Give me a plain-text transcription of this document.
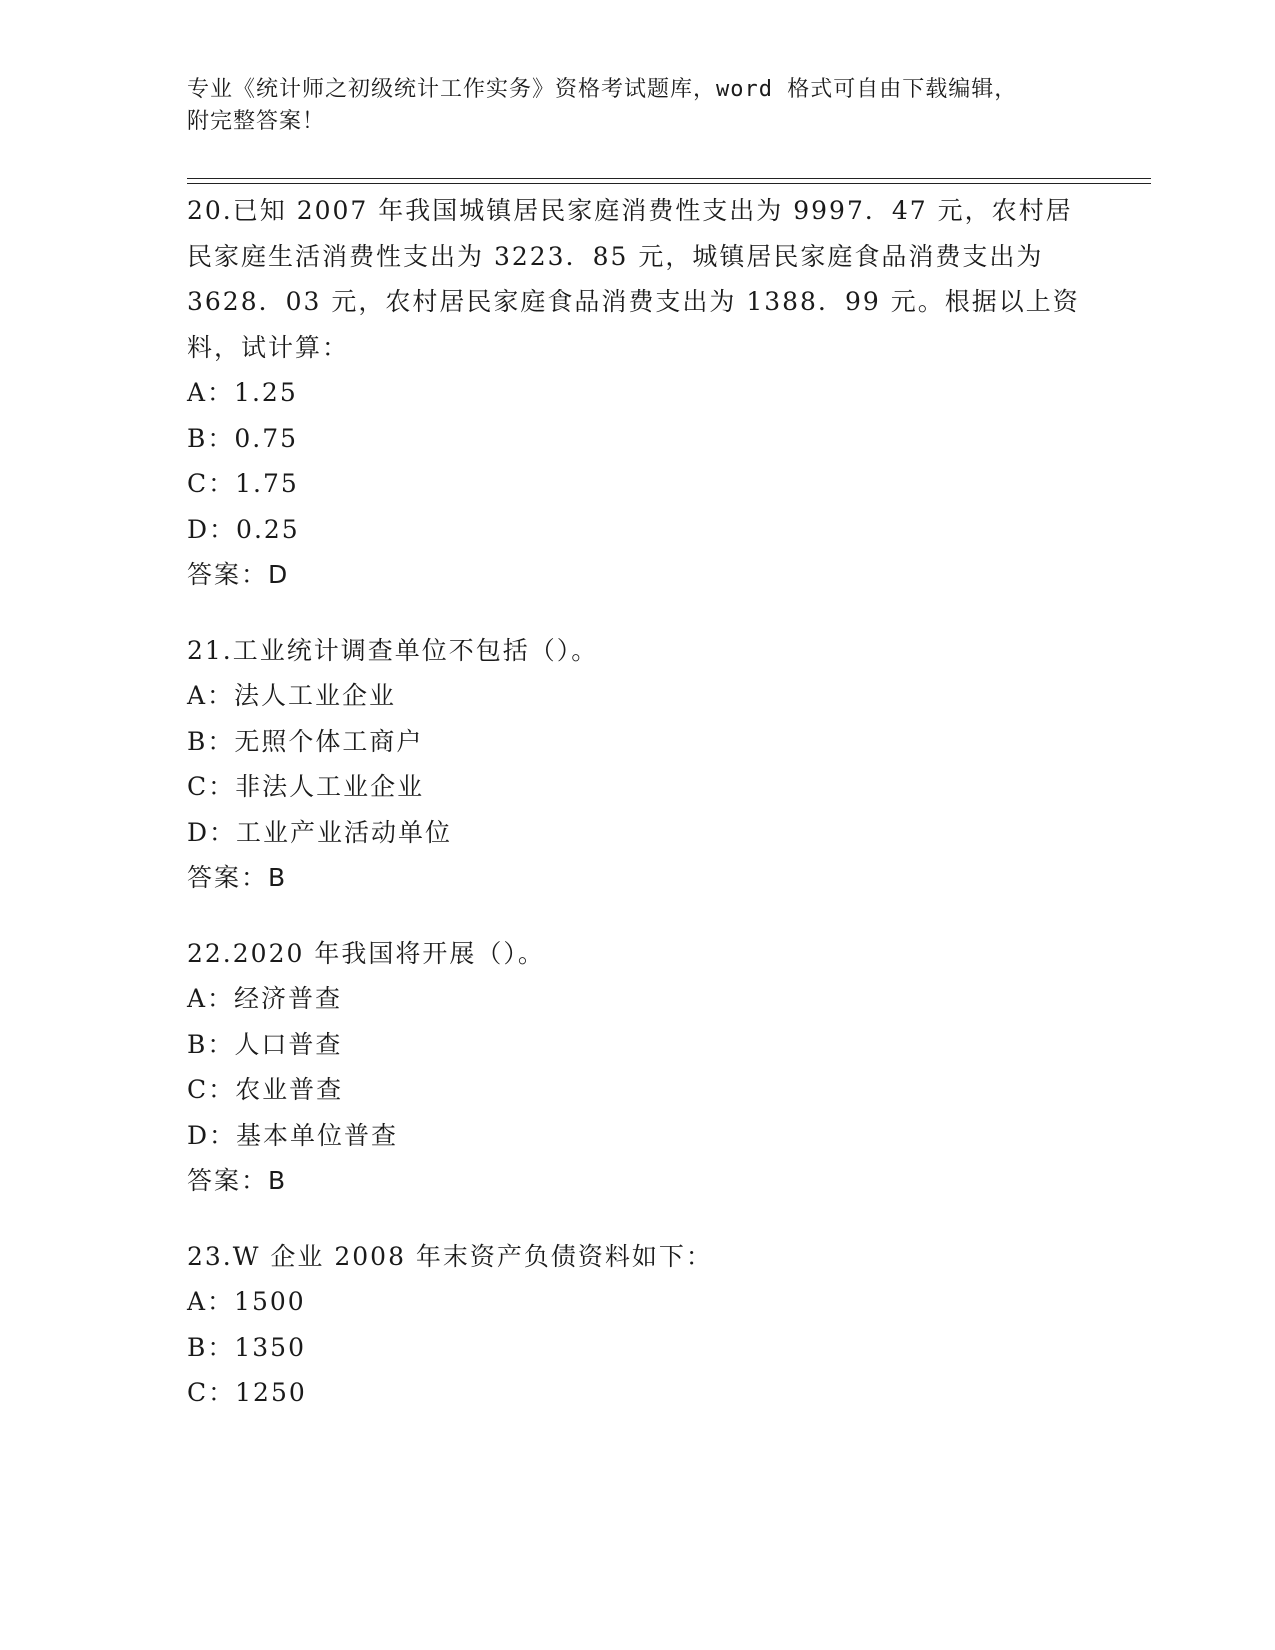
专业《统计师之初级统计工作实务》资格考试题库，word 格式可自由下载编辑，
附完整答案！
20.已知 2007 年我国城镇居民家庭消费性支出为 9997．47 元，农村居
民家庭生活消费性支出为 3223．85 元，城镇居民家庭食品消费支出为
3628．03 元，农村居民家庭食品消费支出为 1388．99 元。根据以上资
料，试计算：
A：1.25
B：0.75
C：1.75
D：0.25
答案：D
21.工业统计调查单位不包括（）。
A：法人工业企业
B：无照个体工商户
C：非法人工业企业
D：工业产业活动单位
答案：B
22.2020 年我国将开展（）。
A：经济普查
B：人口普查
C：农业普查
D：基本单位普查
答案：B
23.W 企业 2008 年末资产负债资料如下：
A：1500
B：1350
C：1250
